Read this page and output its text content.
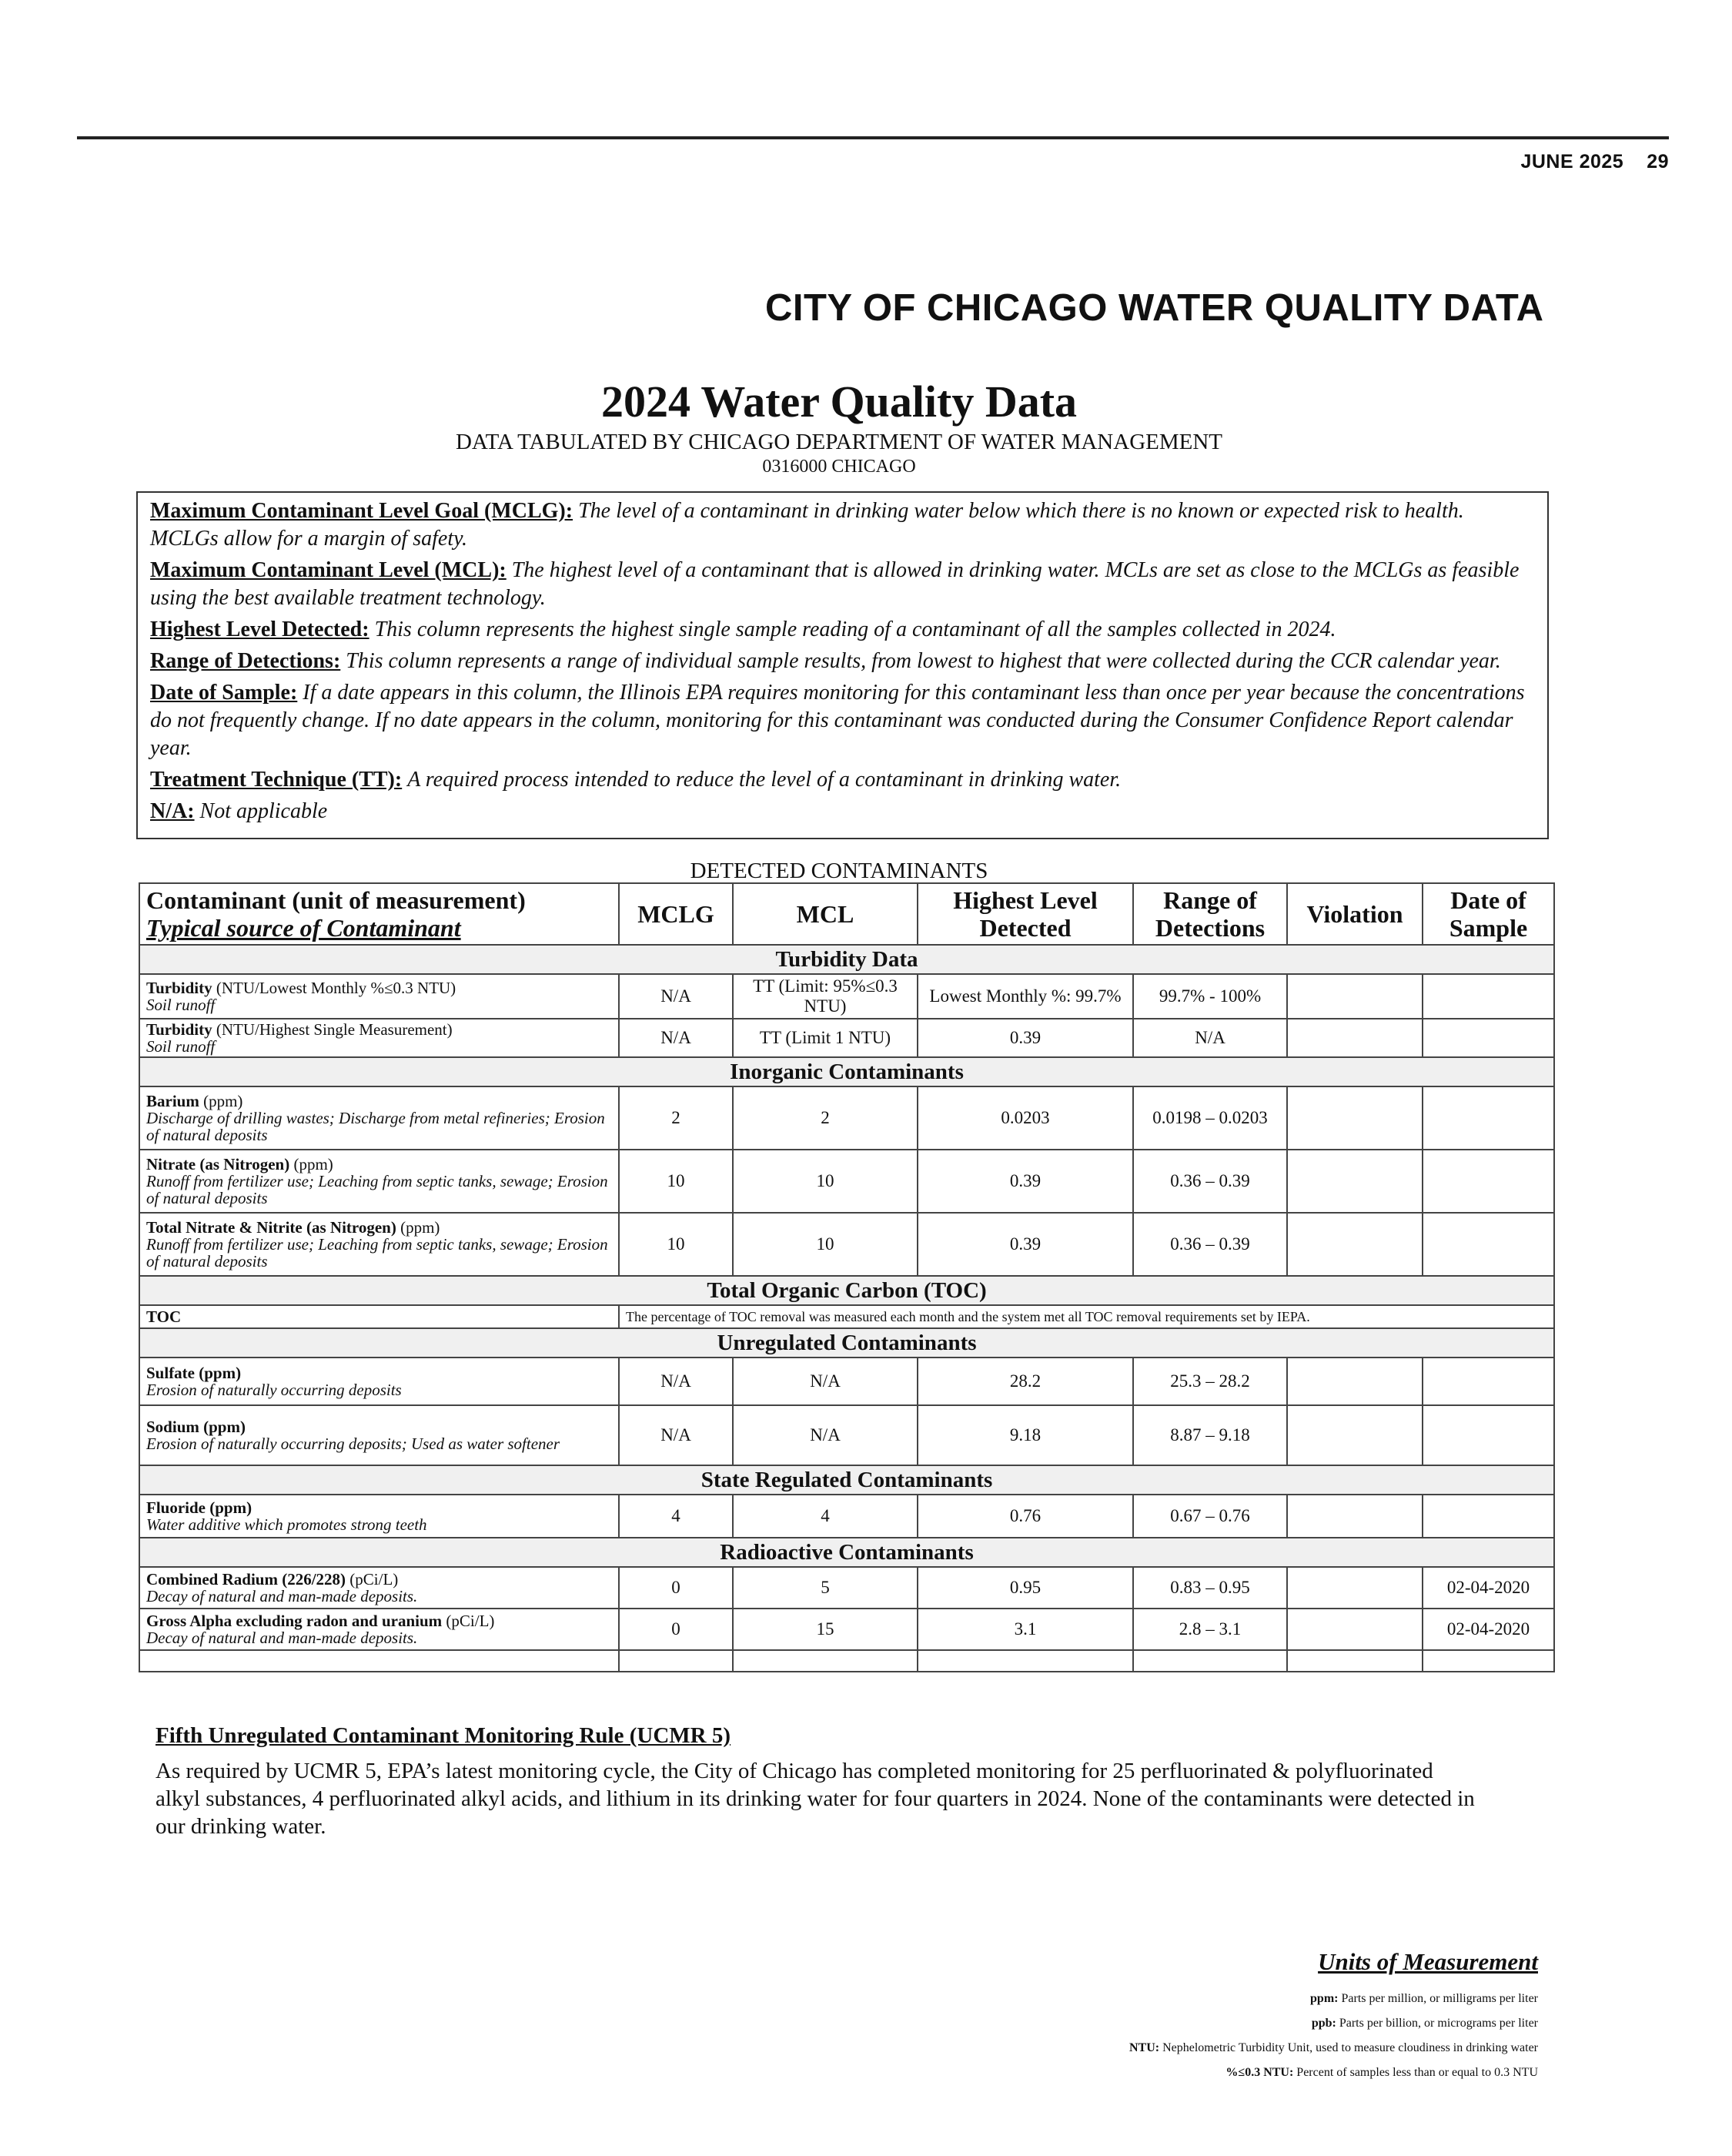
JUNE 2025 29
CITY OF CHICAGO WATER QUALITY DATA
2024 Water Quality Data
DATA TABULATED BY CHICAGO DEPARTMENT OF WATER MANAGEMENT
0316000 CHICAGO
Maximum Contaminant Level Goal (MCLG): The level of a contaminant in drinking water below which there is no known or expected risk to health. MCLGs allow for a margin of safety.
Maximum Contaminant Level (MCL): The highest level of a contaminant that is allowed in drinking water. MCLs are set as close to the MCLGs as feasible using the best available treatment technology.
Highest Level Detected: This column represents the highest single sample reading of a contaminant of all the samples collected in 2024.
Range of Detections: This column represents a range of individual sample results, from lowest to highest that were collected during the CCR calendar year.
Date of Sample: If a date appears in this column, the Illinois EPA requires monitoring for this contaminant less than once per year because the concentrations do not frequently change. If no date appears in the column, monitoring for this contaminant was conducted during the Consumer Confidence Report calendar year.
Treatment Technique (TT): A required process intended to reduce the level of a contaminant in drinking water.
N/A: Not applicable
DETECTED CONTAMINANTS
Contaminant (unit of measurement)
Typical source of Contaminant	MCLG	MCL	Highest Level Detected	Range of Detections	Violation	Date of Sample
Turbidity Data						
Turbidity (NTU/Lowest Monthly %≤0.3 NTU)
Soil runoff	N/A	TT (Limit: 95%≤0.3 NTU)	Lowest Monthly %: 99.7%	99.7% - 100%		
Turbidity (NTU/Highest Single Measurement)
Soil runoff	N/A	TT (Limit 1 NTU)	0.39	N/A		
Inorganic Contaminants						
Barium (ppm)
Discharge of drilling wastes; Discharge from metal refineries; Erosion of natural deposits	2	2	0.0203	0.0198 – 0.0203		
Nitrate (as Nitrogen) (ppm)
Runoff from fertilizer use; Leaching from septic tanks, sewage; Erosion of natural deposits	10	10	0.39	0.36 – 0.39		
Total Nitrate & Nitrite (as Nitrogen) (ppm)
Runoff from fertilizer use; Leaching from septic tanks, sewage; Erosion of natural deposits	10	10	0.39	0.36 – 0.39		
Total Organic Carbon (TOC)						
TOC	The percentage of TOC removal was measured each month and the system met all TOC removal requirements set by IEPA.					
Unregulated Contaminants						
Sulfate (ppm)
Erosion of naturally occurring deposits	N/A	N/A	28.2	25.3 – 28.2		
Sodium (ppm)
Erosion of naturally occurring deposits; Used as water softener	N/A	N/A	9.18	8.87 – 9.18		
State Regulated Contaminants						
Fluoride (ppm)
Water additive which promotes strong teeth	4	4	0.76	0.67 – 0.76		
Radioactive Contaminants						
Combined Radium (226/228) (pCi/L)
Decay of natural and man-made deposits.	0	5	0.95	0.83 – 0.95		02-04-2020
Gross Alpha excluding radon and uranium (pCi/L)
Decay of natural and man-made deposits.	0	15	3.1	2.8 – 3.1		02-04-2020

Fifth Unregulated Contaminant Monitoring Rule (UCMR 5)
As required by UCMR 5, EPA’s latest monitoring cycle, the City of Chicago has completed monitoring for 25 perfluorinated & polyfluorinated alkyl substances, 4 perfluorinated alkyl acids, and lithium in its drinking water for four quarters in 2024. None of the contaminants were detected in our drinking water.
Units of Measurement
ppm: Parts per million, or milligrams per liter
ppb: Parts per billion, or micrograms per liter
NTU: Nephelometric Turbidity Unit, used to measure cloudiness in drinking water
%≤0.3 NTU: Percent of samples less than or equal to 0.3 NTU
